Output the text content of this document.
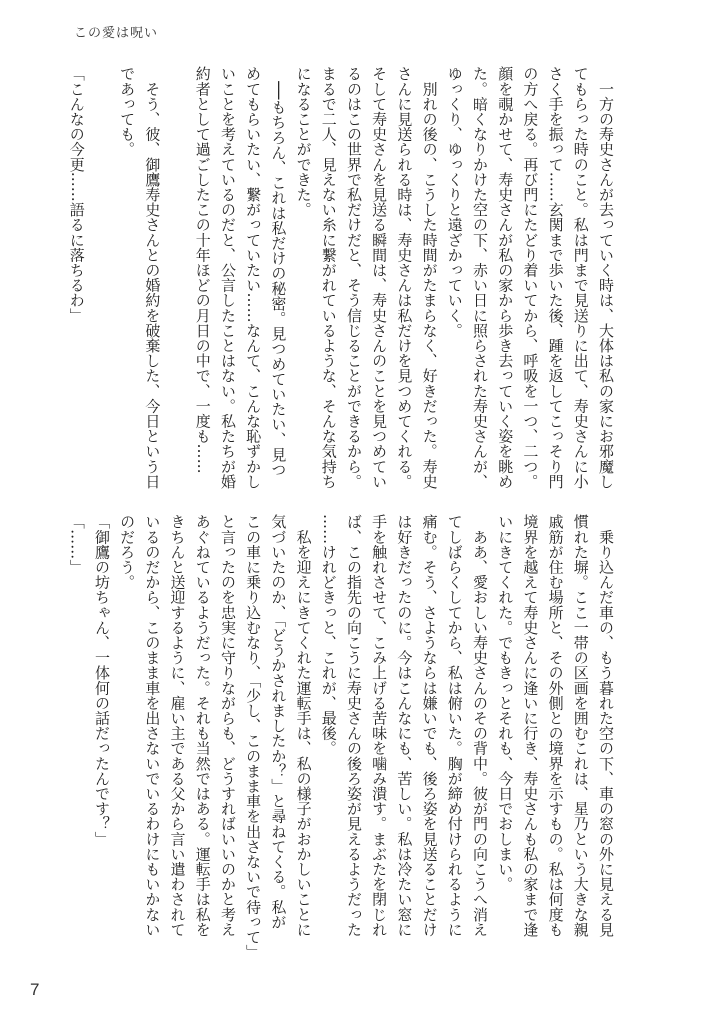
この愛は呪い
　一方の寿史さんが去っていく時は、大体は私の家にお邪魔し
てもらった時のこと。私は門まで見送りに出て、寿史さんに小
さく手を振って……玄関まで歩いた後、踵を返してこっそり門
の方へ戻る。再び門にたどり着いてから、呼吸を一つ、二つ。
顔を覗かせて、寿史さんが私の家から歩き去っていく姿を眺め
た。暗くなりかけた空の下、赤い日に照らされた寿史さんが、
ゆっくり、ゆっくりと遠ざかっていく。
　別れの後の、こうした時間がたまらなく、好きだった。寿史
さんに見送られる時は、寿史さんは私だけを見つめてくれる。
そして寿史さんを見送る瞬間は、寿史さんのことを見つめてい
るのはこの世界で私だけだと、そう信じることができるから。
まるで二人、見えない糸に繋がれているような、そんな気持ち
になることができた。
　──もちろん、これは私だけの秘密。見つめていたい、見つ
めてもらいたい、繋がっていたい……なんて、こんな恥ずかし
いことを考えているのだと、公言したことはない。私たちが婚
約者として過ごしたこの十年ほどの月日の中で、一度も……
　そう、彼、御鷹寿史さんとの婚約を破棄した、今日という日
であっても。
「こんなの今更……語るに落ちるわ」
　乗り込んだ車の、もう暮れた空の下、車の窓の外に見える見
慣れた塀。ここ一帯の区画を囲むこれは、星乃という大きな親
戚筋が住む場所と、その外側との境界を示すもの。私は何度も
境界を越えて寿史さんに逢いに行き、寿史さんも私の家まで逢
いにきてくれた。でもきっとそれも、今日でおしまい。
　ああ、愛おしい寿史さんのその背中。彼が門の向こうへ消え
てしばらくしてから、私は俯いた。胸が締め付けられるように
痛む。そう、さようならは嫌いでも、後ろ姿を見送ることだけ
は好きだったのに。今はこんなにも、苦しい。私は冷たい窓に
手を触れさせて、こみ上げる苦味を噛み潰す。まぶたを閉じれ
ば、この指先の向こうに寿史さんの後ろ姿が見えるようだった
……けれどきっと、これが、最後。
　私を迎えにきてくれた運転手は、私の様子がおかしいことに
気づいたのか、「どうかされましたか？」と尋ねてくる。私が
この車に乗り込むなり、「少し、このまま車を出さないで待って」
と言ったのを忠実に守りながらも、どうすればいいのかと考え
あぐねているようだった。それも当然ではある。運転手は私を
きちんと送迎するように、雇い主である父から言い遣わされて
いるのだから、このまま車を出さないでいるわけにもいかない
のだろう。
「御鷹の坊ちゃん、一体何の話だったんです？」
「……」
7
